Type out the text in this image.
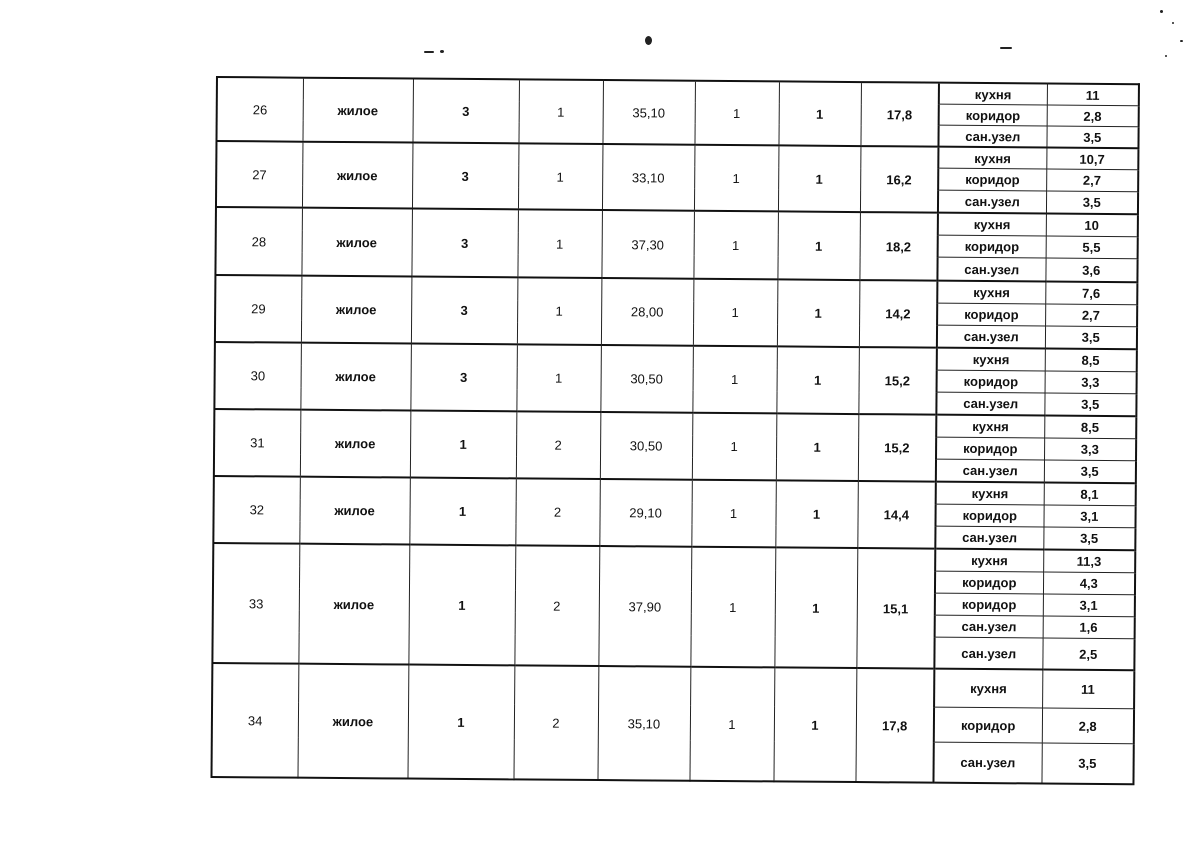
26	жилое	3	1	35,10	1	1	17,8	кухня	11
								коридор	2,8
								сан.узел	3,5
27	жилое	3	1	33,10	1	1	16,2	кухня	10,7
								коридор	2,7
								сан.узел	3,5
28	жилое	3	1	37,30	1	1	18,2	кухня	10
								коридор	5,5
								сан.узел	3,6
29	жилое	3	1	28,00	1	1	14,2	кухня	7,6
								коридор	2,7
								сан.узел	3,5
30	жилое	3	1	30,50	1	1	15,2	кухня	8,5
								коридор	3,3
								сан.узел	3,5
31	жилое	1	2	30,50	1	1	15,2	кухня	8,5
								коридор	3,3
								сан.узел	3,5
32	жилое	1	2	29,10	1	1	14,4	кухня	8,1
								коридор	3,1
								сан.узел	3,5
33	жилое	1	2	37,90	1	1	15,1	кухня	11,3
								коридор	4,3
								коридор	3,1
								сан.узел	1,6
								сан.узел	2,5
34	жилое	1	2	35,10	1	1	17,8	кухня	11
								коридор	2,8
								сан.узел	3,5
